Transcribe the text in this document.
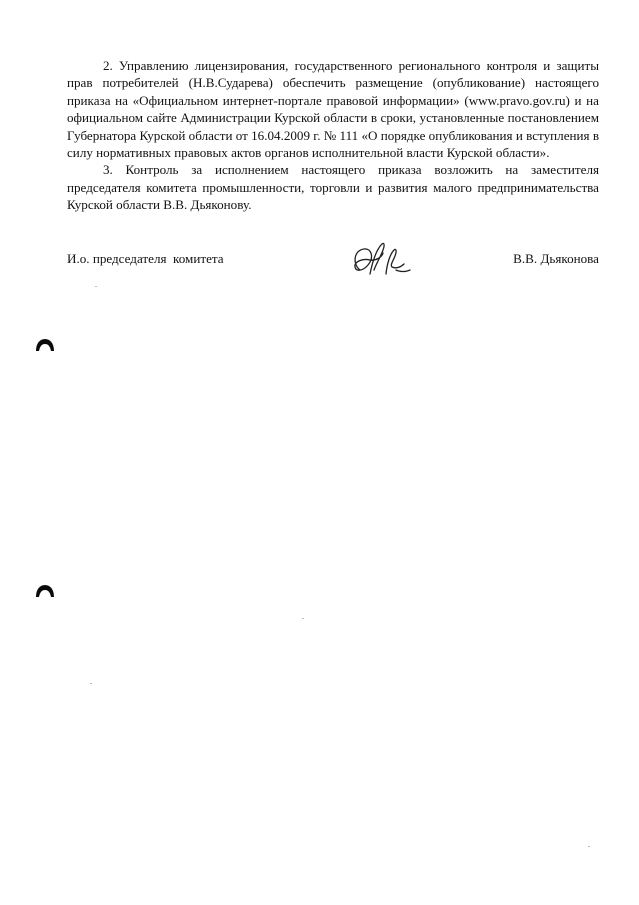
2. Управлению лицензирования, государственного регионального контроля и защиты прав потребителей (Н.В.Сударева) обеспечить размещение (опубликование) настоящего приказа на «Официальном интернет-портале правовой информации» (www.pravo.gov.ru) и на официальном сайте Администрации Курской области в сроки, установленные постановлением Губернатора Курской области от 16.04.2009 г. № 111 «О порядке опубликования и вступления в силу нормативных правовых актов органов исполнительной власти Курской области».

3. Контроль за исполнением настоящего приказа возложить на заместителя председателя комитета промышленности, торговли и развития малого предпринимательства Курской области В.В. Дьяконову.

И.о. председателя  комитета	В.В. Дьяконова
